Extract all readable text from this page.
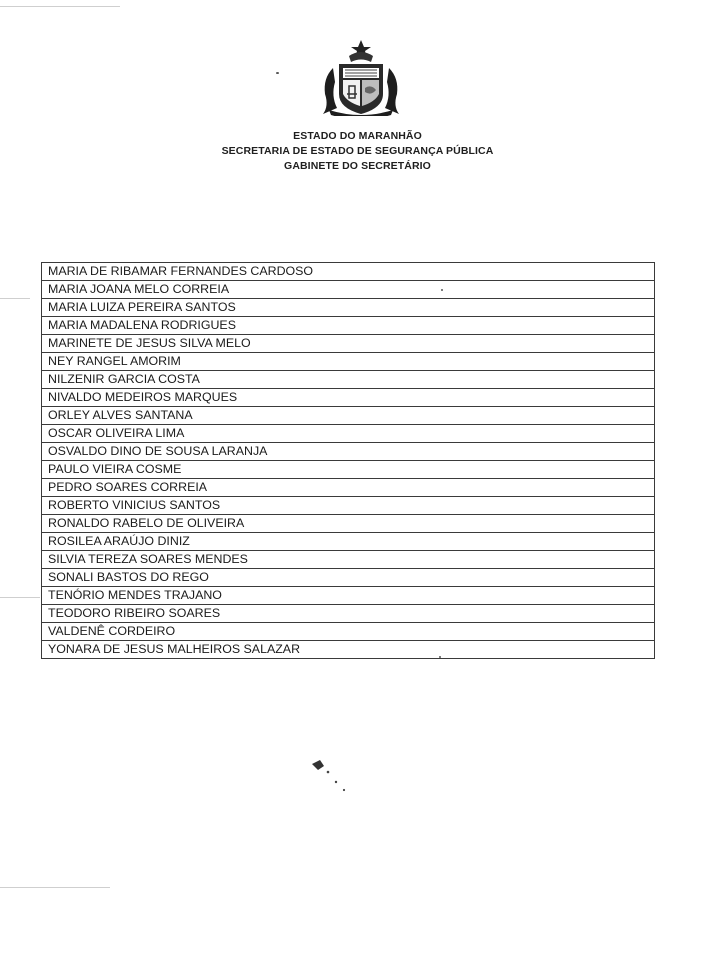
ESTADO DO MARANHÃO
SECRETARIA DE ESTADO DE SEGURANÇA PÚBLICA
GABINETE DO SECRETÁRIO
MARIA DE RIBAMAR FERNANDES CARDOSO
MARIA JOANA MELO CORREIA
MARIA LUIZA PEREIRA SANTOS
MARIA MADALENA RODRIGUES
MARINETE DE JESUS SILVA MELO
NEY RANGEL AMORIM
NILZENIR GARCIA COSTA
NIVALDO MEDEIROS MARQUES
ORLEY ALVES SANTANA
OSCAR OLIVEIRA LIMA
OSVALDO DINO DE SOUSA LARANJA
PAULO VIEIRA COSME
PEDRO SOARES CORREIA
ROBERTO VINICIUS SANTOS
RONALDO RABELO DE OLIVEIRA
ROSILEA ARAÚJO DINIZ
SILVIA TEREZA SOARES MENDES
SONALI BASTOS DO REGO
TENÓRIO MENDES TRAJANO
TEODORO RIBEIRO SOARES
VALDENÊ CORDEIRO
YONARA DE JESUS MALHEIROS SALAZAR
